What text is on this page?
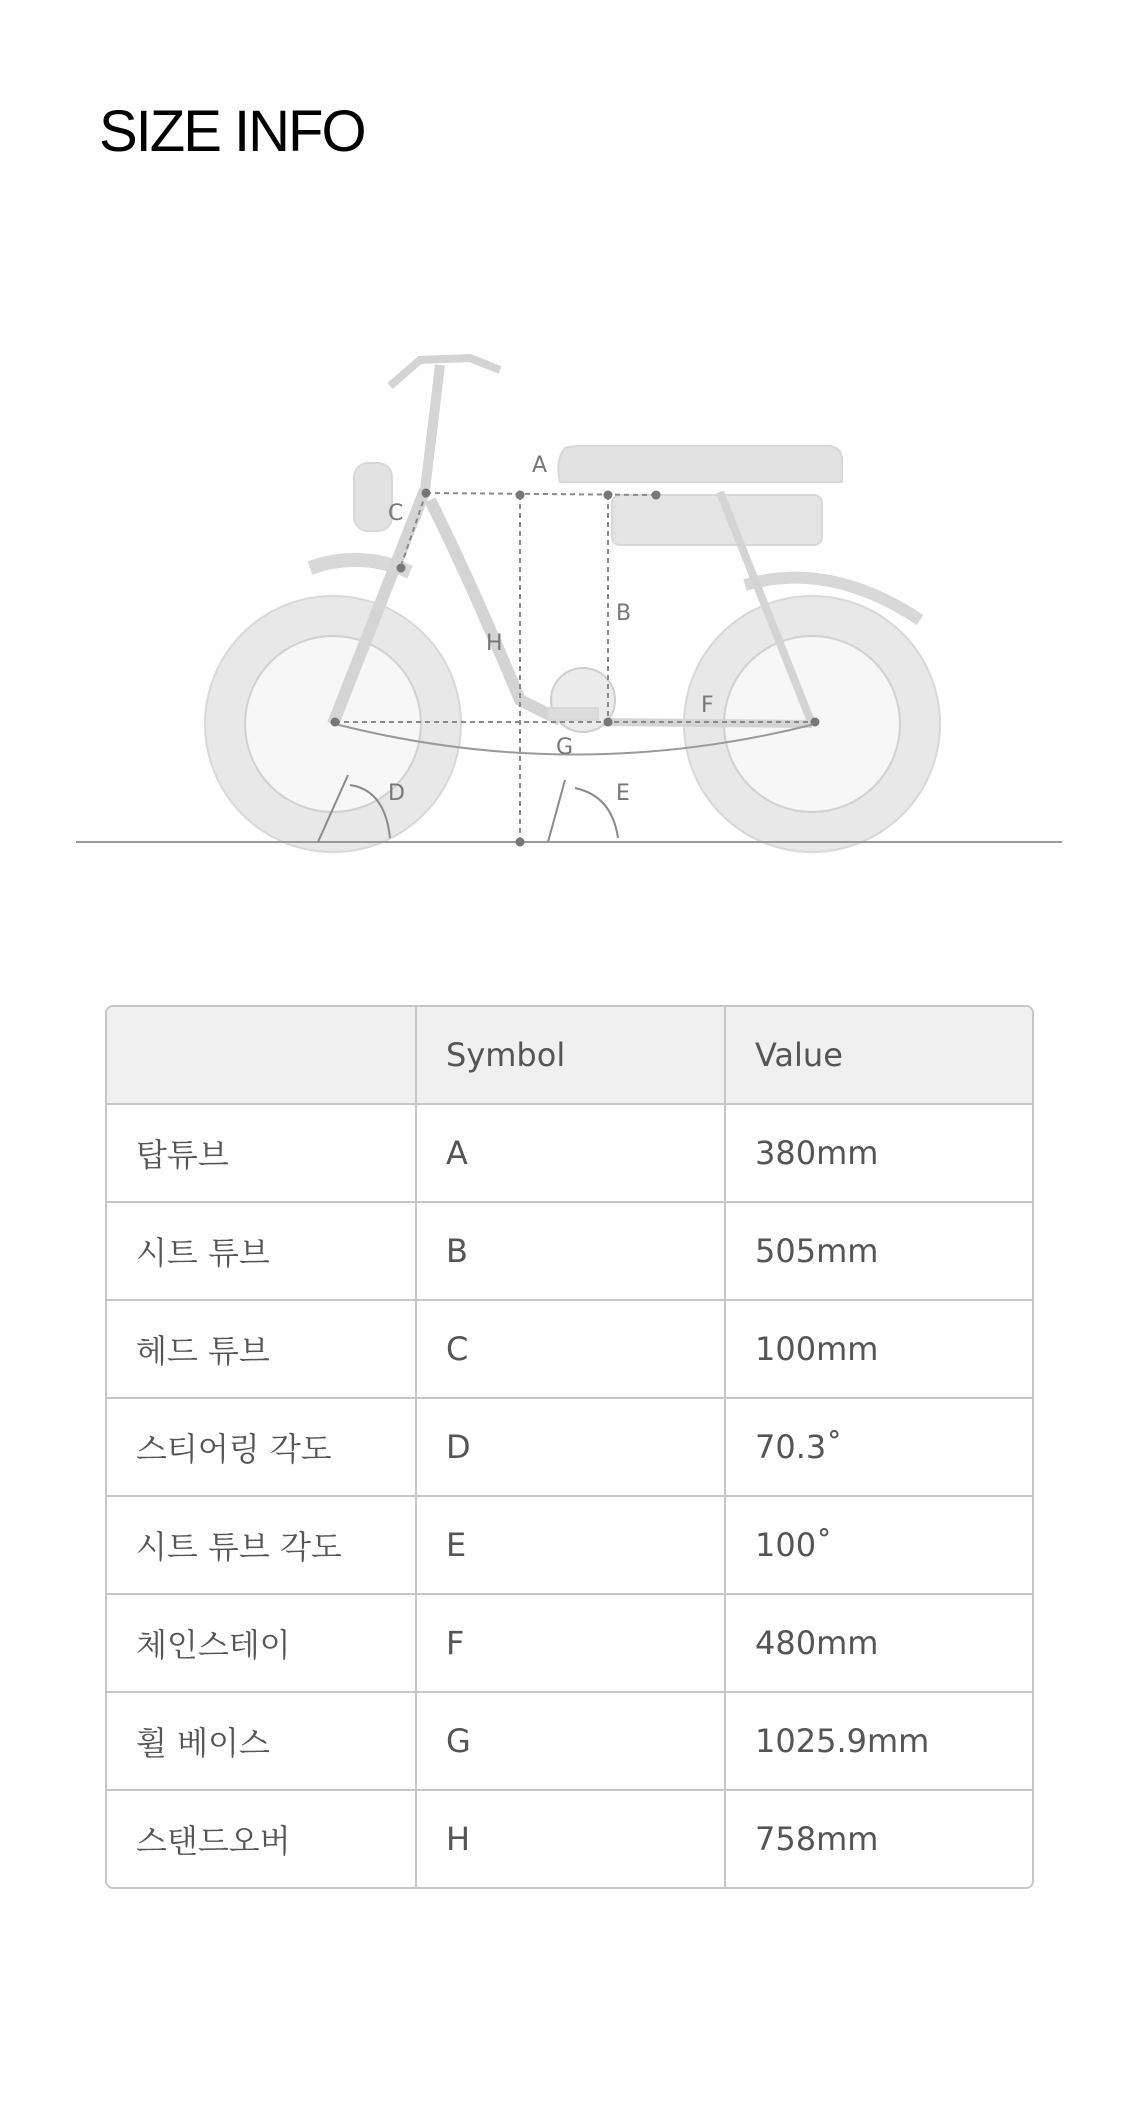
SIZE INFO
A
C
B
H
F
G
D	E
	Symbol	Value
탑튜브	A	380mm
시트 튜브	B	505mm
헤드 튜브	C	100mm
스티어링 각도	D	70.3˚
시트 튜브 각도	E	100˚
체인스테이	F	480mm
휠 베이스	G	1025.9mm
스탠드오버	H	758mm
